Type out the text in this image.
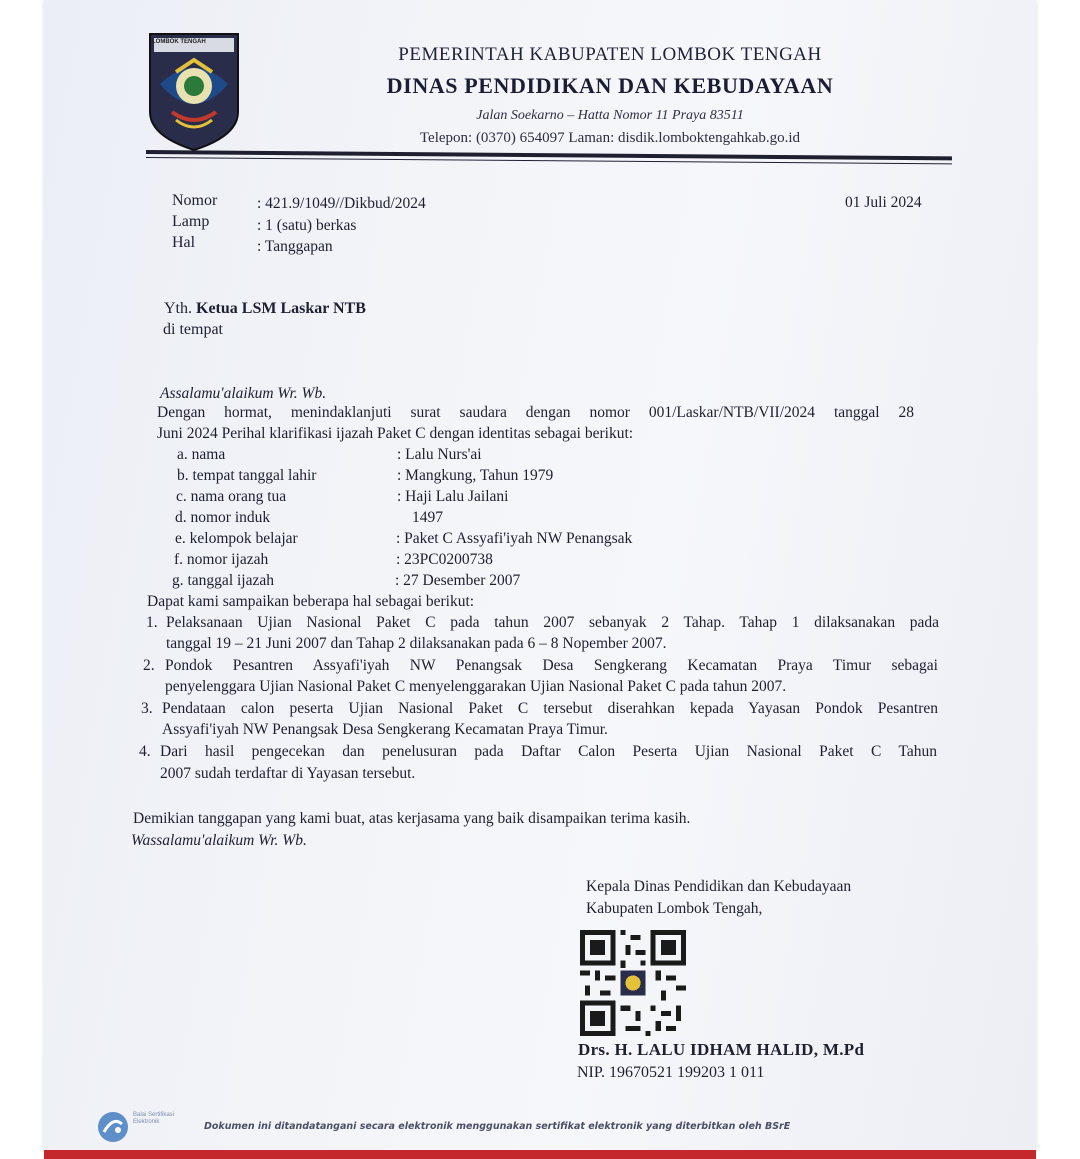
LOMBOK TENGAH
PEMERINTAH KABUPATEN LOMBOK TENGAH
DINAS PENDIDIKAN DAN KEBUDAYAAN
Jalan Soekarno – Hatta Nomor 11 Praya 83511
Telepon: (0370) 654097 Laman: disdik.lomboktengahkab.go.id
Nomor	: 421.9/1049//Dikbud/2024
Lamp	: 1 (satu) berkas
Hal	: Tanggapan
01 Juli 2024
Yth. Ketua LSM Laskar NTB
di tempat
Assalamu'alaikum Wr. Wb.
Dengan hormat, menindaklanjuti surat saudara dengan nomor 001/Laskar/NTB/VII/2024 tanggal 28
Juni 2024 Perihal klarifikasi ijazah Paket C dengan identitas sebagai berikut:
a. nama	: Lalu Nurs'ai
b. tempat tanggal lahir	: Mangkung, Tahun 1979
c. nama orang tua	: Haji Lalu Jailani
d. nomor induk	1497
e. kelompok belajar	: Paket C Assyafi'iyah NW Penangsak
f. nomor ijazah	: 23PC0200738
g. tanggal ijazah	: 27 Desember 2007
Dapat kami sampaikan beberapa hal sebagai berikut:
1. Pelaksanaan Ujian Nasional Paket C pada tahun 2007 sebanyak 2 Tahap. Tahap 1 dilaksanakan pada
tanggal 19 – 21 Juni 2007 dan Tahap 2 dilaksanakan pada 6 – 8 Nopember 2007.
2. Pondok Pesantren Assyafi'iyah NW Penangsak Desa Sengkerang Kecamatan Praya Timur sebagai
penyelenggara Ujian Nasional Paket C menyelenggarakan Ujian Nasional Paket C pada tahun 2007.
3. Pendataan calon peserta Ujian Nasional Paket C tersebut diserahkan kepada Yayasan Pondok Pesantren
Assyafi'iyah NW Penangsak Desa Sengkerang Kecamatan Praya Timur.
4. Dari hasil pengecekan dan penelusuran pada Daftar Calon Peserta Ujian Nasional Paket C Tahun
2007 sudah terdaftar di Yayasan tersebut.
Demikian tanggapan yang kami buat, atas kerjasama yang baik disampaikan terima kasih.
Wassalamu'alaikum Wr. Wb.
Kepala Dinas Pendidikan dan Kebudayaan
Kabupaten Lombok Tengah,
Drs. H. LALU IDHAM HALID, M.Pd
NIP. 19670521 199203 1 011
Balai Sertifikasi Elektronik	Dokumen ini ditandatangani secara elektronik menggunakan sertifikat elektronik yang diterbitkan oleh BSrE
